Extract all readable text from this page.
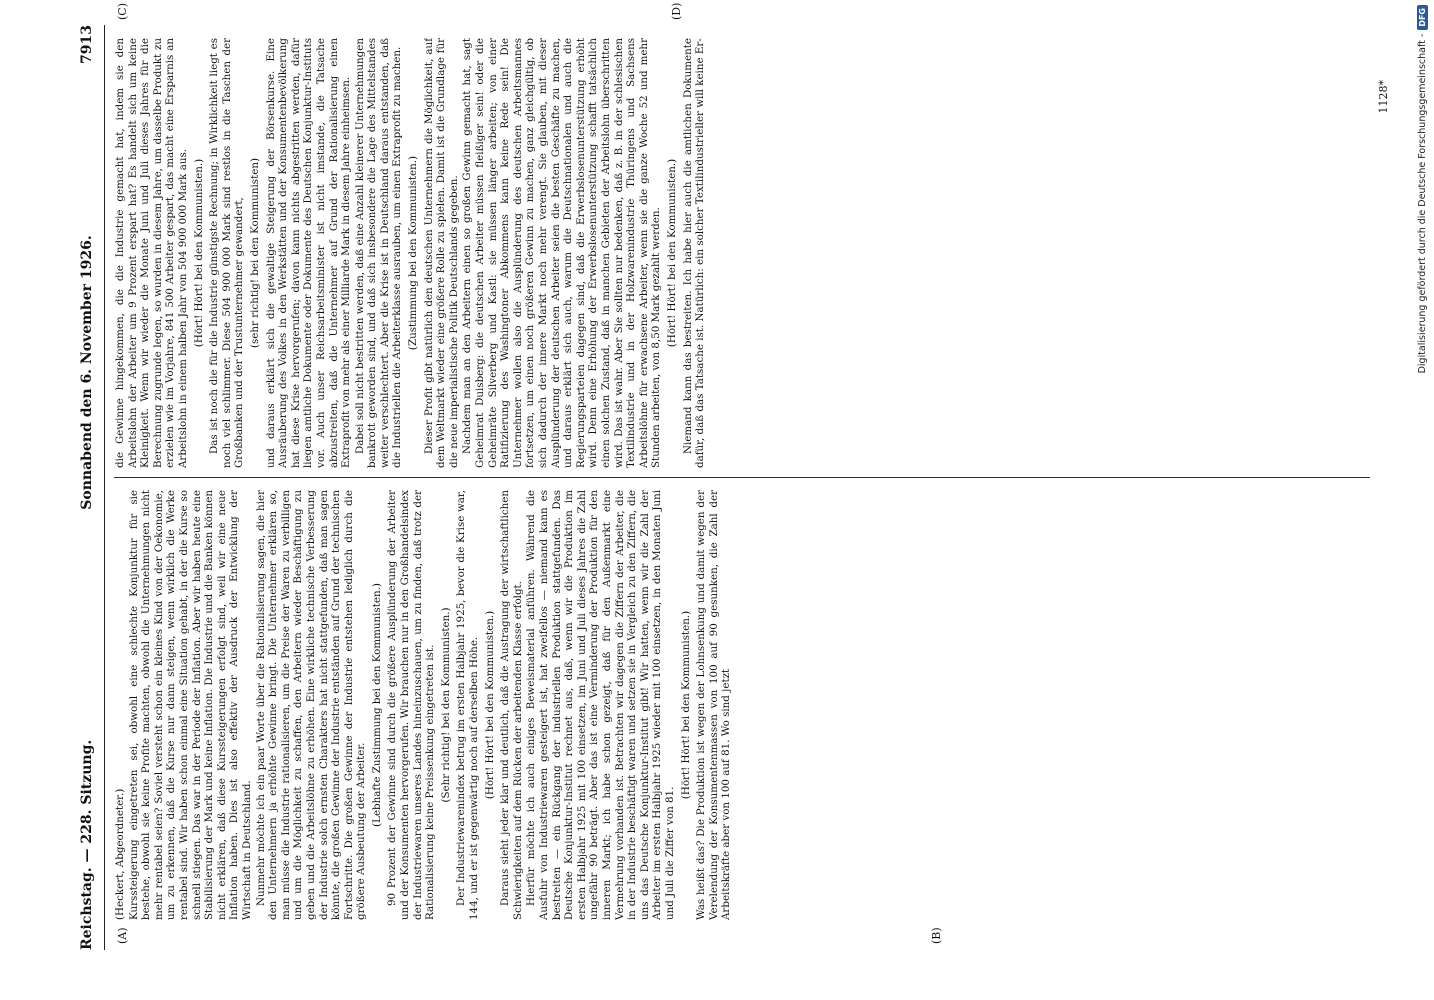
Reichstag. — 228. Sitzung.
Sonnabend den 6. November 1926.
7913
(A)	(B)
(C)	(D)

(Heckert, Abgeordneter.) Kurssteigerung eingetreten sei, obwohl eine schlechte Konjunktur für sie bestehe, obwohl sie keine Profite machten, obwohl die Unternehmungen nicht mehr rentabel seien? Soviel versteht schon ein kleines Kind von der Oekonomie, um zu erkennen, daß die Kurse nur dann steigen, wenn wirklich die Werke rentabel sind. Wir haben schon einmal eine Situation gehabt, in der die Kurse so schnell stiegen. Das war in der Periode der Inflation. Aber wir haben heute eine Stabilisierung der Mark und keine Inflation. Die Industrie und die Banken können nicht erklären, daß diese Kurssteigerungen erfolgt sind, weil wir eine neue Inflation haben. Dies ist also effektiv der Ausdruck der Entwicklung der Wirtschaft in Deutschland. Nunmehr möchte ich ein paar Worte über die Rationalisierung sagen, die hier den Unternehmern ja erhöhte Gewinne bringt. Die Unternehmer erklären so, man müsse die Industrie rationalisieren, um die Preise der Waren zu verbilligen und um die Möglichkeit zu schaffen, den Arbeitern wieder Beschäftigung zu geben und die Arbeitslöhne zu erhöhen. Eine wirkliche technische Verbesserung der Industrie solch ernsten Charakters hat nicht stattgefunden, daß man sagen könnte, die großen Gewinne der Industrie entständen auf Grund der technischen Fortschritte. Die großen Gewinne der Industrie entstehen lediglich durch die größere Ausbeutung der Arbeiter.

(Lebhafte Zustimmung bei den Kommunisten.) 90 Prozent der Gewinne sind durch die größere Ausplünderung der Arbeiter und der Konsumenten hervorgerufen. Wir brauchen nur in den Großhandelsindex der Industriewaren unseres Landes hineinzuschauen, um zu finden, daß trotz der Rationalisierung keine Preissenkung eingetreten ist. (Sehr richtig! bei den Kommunisten.) Der Industriewarenindex betrug im ersten Halbjahr 1925, bevor die Krise war, 144, und er ist gegenwärtig noch auf derselben Höhe. (Hört! Hört! bei den Kommunisten.) Daraus sieht jeder klar und deutlich, daß die Austragung der wirtschaftlichen Schwierigkeiten auf dem Rücken der arbeitenden Klasse erfolgt. Hierfür möchte ich auch einiges Beweismaterial anführen. Während die Ausfuhr von Industriewaren gesteigert ist, hat zweifellos — niemand kann es bestreiten — ein Rückgang der industriellen Produktion stattgefunden. Das Deutsche Konjunktur-Institut rechnet aus, daß, wenn wir die Produktion im ersten Halbjahr 1925 mit 100 einsetzen, im Juni und Juli dieses Jahres die Zahl ungefähr 90 beträgt. Aber das ist eine Verminderung der Produktion für den inneren Markt; ich habe schon gezeigt, daß für den Außenmarkt eine Vermehrung vorhanden ist. Betrachten wir dagegen die Ziffern der Arbeiter, die in der Industrie beschäftigt waren und setzen sie in Vergleich zu den Ziffern, die uns das Deutsche Konjunktur-Institut gibt! Wir hatten, wenn wir die Zahl der Arbeiter im ersten Halbjahr 1925 wieder mit 100 einsetzen, in den Monaten Juni und Juli die Ziffer von 81.

(Hört! Hört! bei den Kommunisten.) Was heißt das? Die Produktion ist wegen der Lohnsenkung und damit wegen der Verelendung der Konsumentenmassen von 100 auf 90 gesunken, die Zahl der Arbeitskräfte aber von 100 auf 81. Wo sind jetzt

die Gewinne hingekommen, die die Industrie gemacht hat, indem sie den Arbeitslohn der Arbeiter um 9 Prozent erspart hat? Es handelt sich um keine Kleinigkeit. Wenn wir wieder die Monate Juni und Juli dieses Jahres für die Berechnung zugrunde legen, so wurden in diesem Jahre, um dasselbe Produkt zu erzielen wie im Vorjahre, 841 500 Arbeiter gespart, das macht eine Ersparnis an Arbeitslohn in einem halben Jahr von 504 900 000 Mark aus. (Hört! Hört! bei den Kommunisten.) Das ist noch die für die Industrie günstigste Rechnung; in Wirklichkeit liegt es noch viel schlimmer. Diese 504 900 000 Mark sind restlos in die Taschen der Großbanken und der Trustunternehmer gewandert, (sehr richtig! bei den Kommunisten) und daraus erklärt sich die gewaltige Steigerung der Börsenkurse. Eine Ausräuberung des Volkes in den Werkstätten und der Konsumentenbevölkerung hat diese Krise hervorgerufen; davon kann nichts abgestritten werden, dafür liegen amtliche Dokumente oder Dokumente des Deutschen Konjunktur-Instituts vor. Auch unser Reichsarbeitsminister ist nicht imstande, die Tatsache abzustreiten, daß die Unternehmer auf Grund der Rationalisierung einen Extraprofit von mehr als einer Milliarde Mark in diesem Jahre einheimsen. Dabei soll nicht bestritten werden, daß eine Anzahl kleinerer Unternehmungen bankrott geworden sind, und daß sich insbesondere die Lage des Mittelstandes weiter verschlechtert. Aber die Krise ist in Deutschland daraus entstanden, daß die Industriellen die Arbeiterklasse ausrauben, um einen Extraprofit zu machen. (Zustimmung bei den Kommunisten.) Dieser Profit gibt natürlich den deutschen Unternehmern die Möglichkeit, auf dem Weltmarkt wieder eine größere Rolle zu spielen. Damit ist die Grundlage für die neue imperialistische Politik Deutschlands gegeben. Nachdem man an den Arbeitern einen so großen Gewinn gemacht hat, sagt Geheimrat Duisberg: die deutschen Arbeiter müssen fleißiger sein! oder die Geheimräte Silverberg und Kastl: sie müssen länger arbeiten; von einer Ratifizierung des Washingtoner Abkommens kann keine Rede sein! Die Unternehmer wollen also die Ausplünderung des deutschen Arbeitsmannes fortsetzen, um einen noch größeren Gewinn zu machen, ganz gleichgültig, ob sich dadurch der innere Markt noch mehr verengt. Sie glauben, mit dieser Ausplünderung der deutschen Arbeiter seien die besten Geschäfte zu machen, und daraus erklärt sich auch, warum die Deutschnationalen und auch die Regierungsparteien dagegen sind, daß die Erwerbslosenunterstützung erhöht wird. Denn eine Erhöhung der Erwerbslosenunterstützung schafft tatsächlich einen solchen Zustand, daß in manchen Gebieten der Arbeitslohn überschritten wird. Das ist wahr. Aber Sie sollten nur bedenken, daß z. B. in der schlesischen Textilindustrie und in der Holzwarenindustrie Thüringens und Sachsens Arbeitslöhne für erwachsene Arbeiter, wenn sie die ganze Woche 52 und mehr Stunden arbeiten, von 8,50 Mark gezahlt werden. (Hört! Hört! bei den Kommunisten.) Niemand kann das bestreiten. Ich habe hier auch die amtlichen Dokumente dafür, daß das Tatsache ist. Natürlich: ein solcher Textilindustrieller will keine Er-	1128*	Digitalisierung gefördert durch die Deutsche Forschungsgemeinschaft -
DFG
